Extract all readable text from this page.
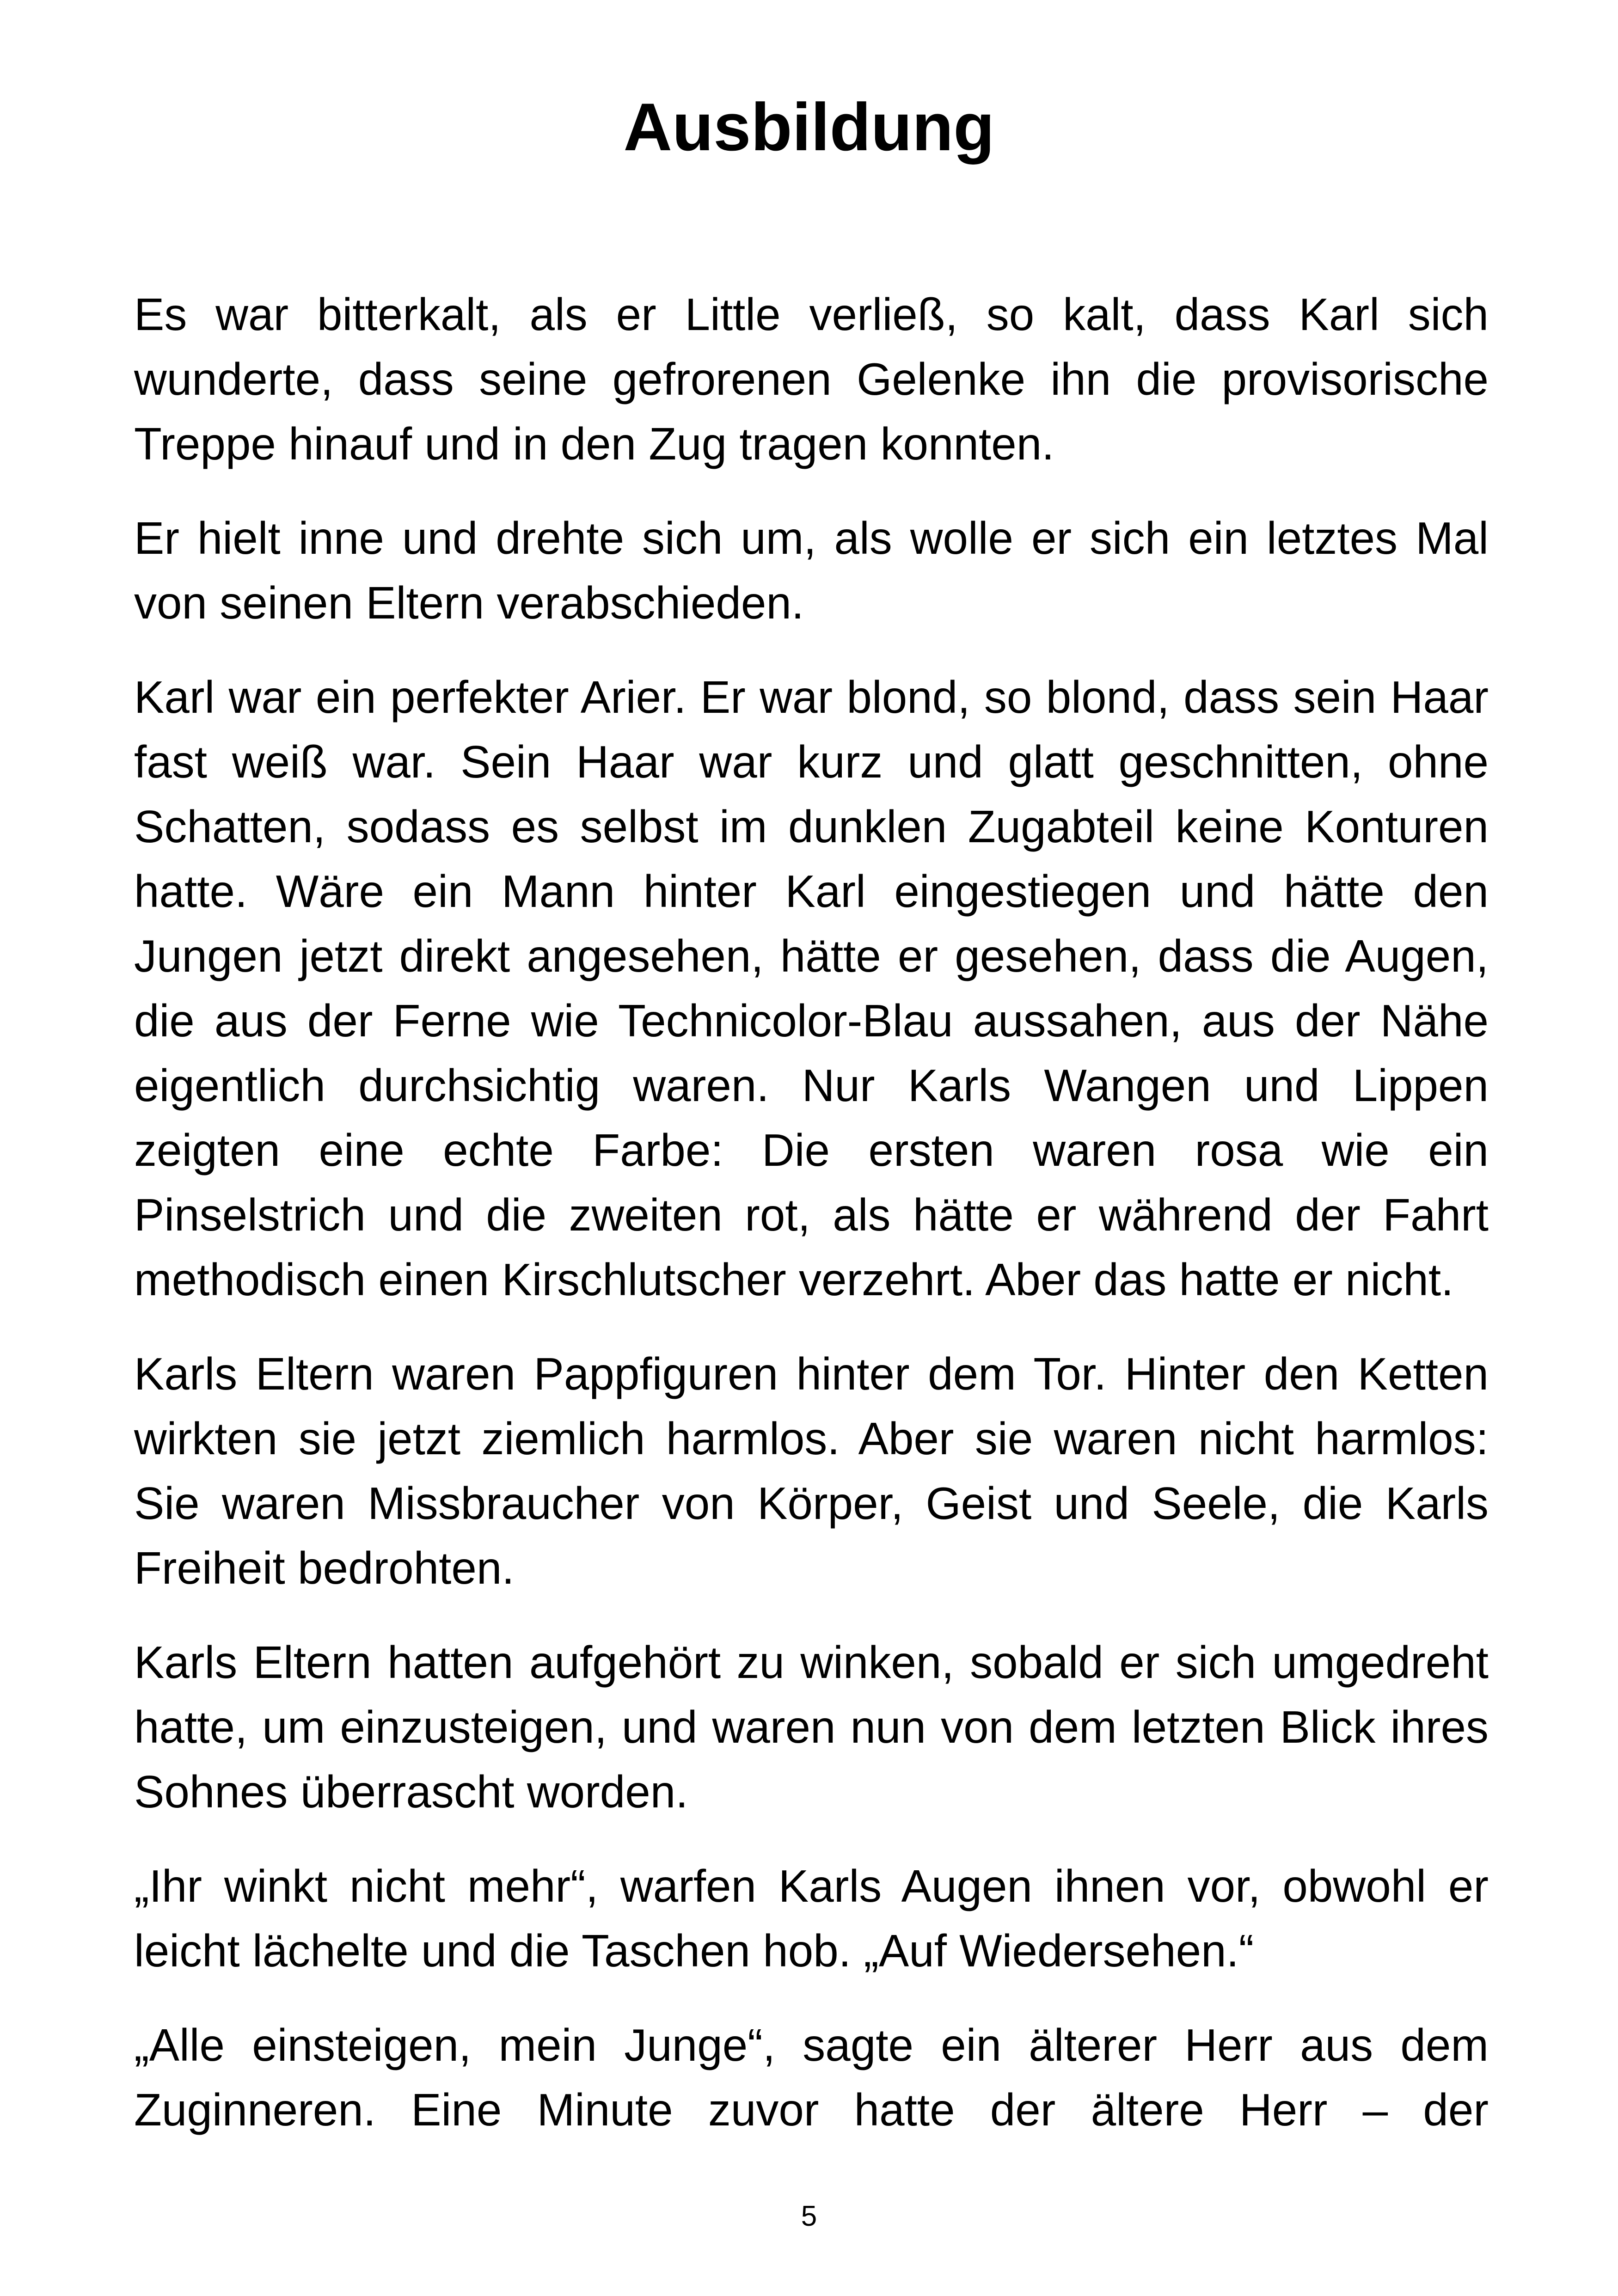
Ausbildung

Es war bitterkalt, als er Little verließ, so kalt, dass Karl sich wunderte, dass seine gefrorenen Gelenke ihn die provisorische Treppe hinauf und in den Zug tragen konnten.

Er hielt inne und drehte sich um, als wolle er sich ein letztes Mal von seinen Eltern verabschieden.

Karl war ein perfekter Arier. Er war blond, so blond, dass sein Haar fast weiß war. Sein Haar war kurz und glatt geschnitten, ohne Schatten, sodass es selbst im dunklen Zugabteil keine Konturen hatte. Wäre ein Mann hinter Karl eingestiegen und hätte den Jungen jetzt direkt angesehen, hätte er gesehen, dass die Augen, die aus der Ferne wie Technicolor-Blau aussahen, aus der Nähe eigentlich durchsichtig waren. Nur Karls Wangen und Lippen zeigten eine echte Farbe: Die ersten waren rosa wie ein Pinselstrich und die zweiten rot, als hätte er während der Fahrt methodisch einen Kirschlutscher verzehrt. Aber das hatte er nicht.

Karls Eltern waren Pappfiguren hinter dem Tor. Hinter den Ketten wirkten sie jetzt ziemlich harmlos. Aber sie waren nicht harmlos: Sie waren Missbraucher von Körper, Geist und Seele, die Karls Freiheit bedrohten.

Karls Eltern hatten aufgehört zu winken, sobald er sich umgedreht hatte, um einzusteigen, und waren nun von dem letzten Blick ihres Sohnes überrascht worden.

„Ihr winkt nicht mehr“, warfen Karls Augen ihnen vor, obwohl er leicht lächelte und die Taschen hob. „Auf Wiedersehen.“

„Alle einsteigen, mein Junge“, sagte ein älterer Herr aus dem Zuginneren. Eine Minute zuvor hatte der ältere Herr – der

5
